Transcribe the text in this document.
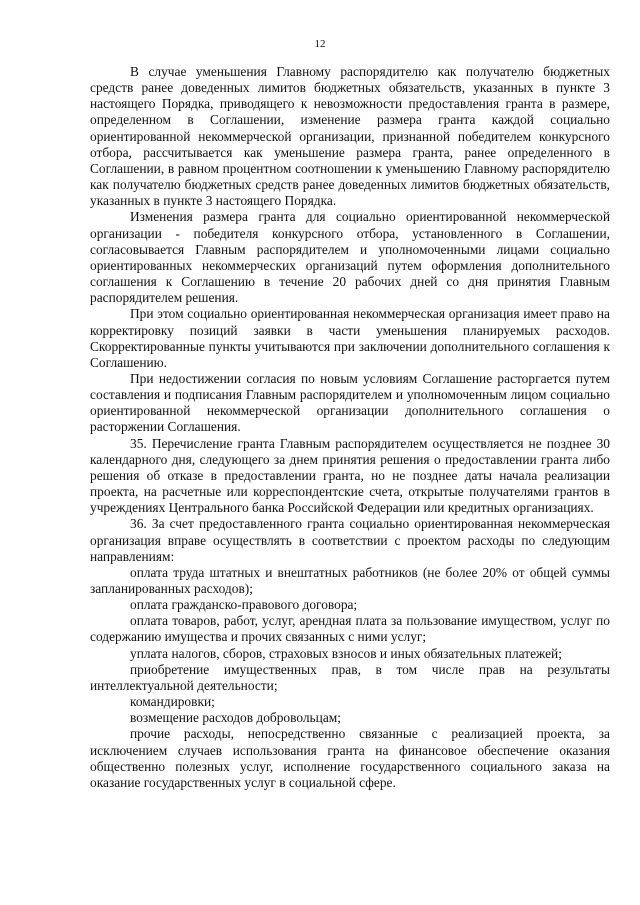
12

В случае уменьшения Главному распорядителю как получателю бюджетных средств ранее доведенных лимитов бюджетных обязательств, указанных в пункте 3 настоящего Порядка, приводящего к невозможности предоставления гранта в размере, определенном в Соглашении, изменение размера гранта каждой социально ориентированной некоммерческой организации, признанной победителем конкурсного отбора, рассчитывается как уменьшение размера гранта, ранее определенного в Соглашении, в равном процентном соотношении к уменьшению Главному распорядителю как получателю бюджетных средств ранее доведенных лимитов бюджетных обязательств, указанных в пункте 3 настоящего Порядка.

Изменения размера гранта для социально ориентированной некоммерческой организации - победителя конкурсного отбора, установленного в Соглашении, согласовывается Главным распорядителем и уполномоченными лицами социально ориентированных некоммерческих организаций путем оформления дополнительного соглашения к Соглашению в течение 20 рабочих дней со дня принятия Главным распорядителем решения.

При этом социально ориентированная некоммерческая организация имеет право на корректировку позиций заявки в части уменьшения планируемых расходов. Скорректированные пункты учитываются при заключении дополнительного соглашения к Соглашению.

При недостижении согласия по новым условиям Соглашение расторгается путем составления и подписания Главным распорядителем и уполномоченным лицом социально ориентированной некоммерческой организации дополнительного соглашения о расторжении Соглашения.

35. Перечисление гранта Главным распорядителем осуществляется не позднее 30 календарного дня, следующего за днем принятия решения о предоставлении гранта либо решения об отказе в предоставлении гранта, но не позднее даты начала реализации проекта, на расчетные или корреспондентские счета, открытые получателями грантов в учреждениях Центрального банка Российской Федерации или кредитных организациях.

36. За счет предоставленного гранта социально ориентированная некоммерческая организация вправе осуществлять в соответствии с проектом расходы по следующим направлениям:

оплата труда штатных и внештатных работников (не более 20% от общей суммы запланированных расходов);

оплата гражданско-правового договора;

оплата товаров, работ, услуг, арендная плата за пользование имуществом, услуг по содержанию имущества и прочих связанных с ними услуг;

уплата налогов, сборов, страховых взносов и иных обязательных платежей;

приобретение имущественных прав, в том числе прав на результаты интеллектуальной деятельности;

командировки;

возмещение расходов добровольцам;

прочие расходы, непосредственно связанные с реализацией проекта, за исключением случаев использования гранта на финансовое обеспечение оказания общественно полезных услуг, исполнение государственного социального заказа на оказание государственных услуг в социальной сфере.
